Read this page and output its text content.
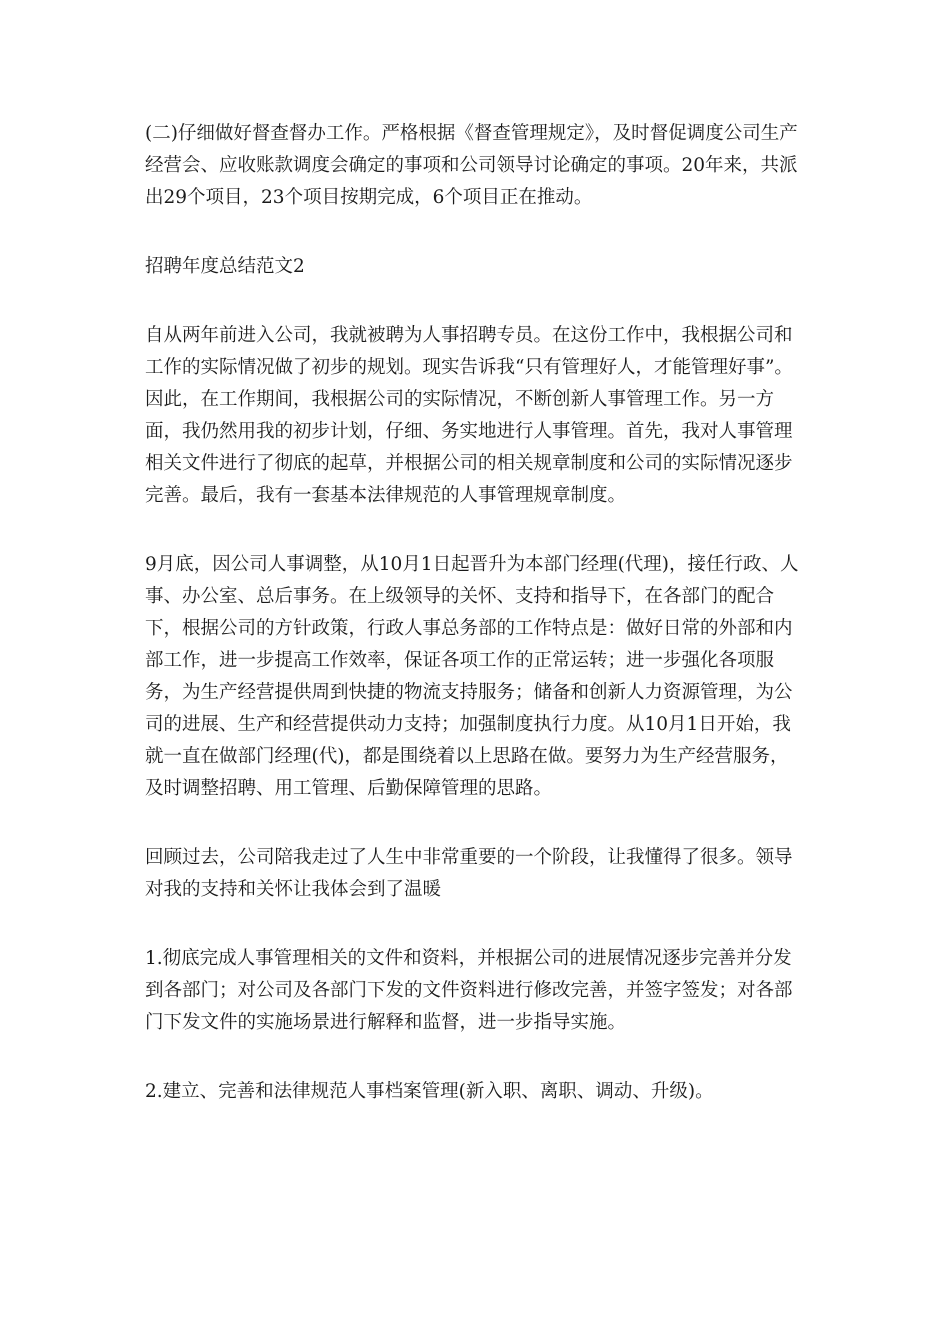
(二)仔细做好督查督办工作。严格根据《督查管理规定》，及时督促调度公司生产经营会、应收账款调度会确定的事项和公司领导讨论确定的事项。20年来，共派出29个项目，23个项目按期完成，6个项目正在推动。

招聘年度总结范文2

自从两年前进入公司，我就被聘为人事招聘专员。在这份工作中，我根据公司和工作的实际情况做了初步的规划。现实告诉我“只有管理好人，才能管理好事”。因此，在工作期间，我根据公司的实际情况，不断创新人事管理工作。另一方面，我仍然用我的初步计划，仔细、务实地进行人事管理。首先，我对人事管理相关文件进行了彻底的起草，并根据公司的相关规章制度和公司的实际情况逐步完善。最后，我有一套基本法律规范的人事管理规章制度。

9月底，因公司人事调整，从10月1日起晋升为本部门经理(代理)，接任行政、人事、办公室、总后事务。在上级领导的关怀、支持和指导下，在各部门的配合下，根据公司的方针政策，行政人事总务部的工作特点是：做好日常的外部和内部工作，进一步提高工作效率，保证各项工作的正常运转；进一步强化各项服务，为生产经营提供周到快捷的物流支持服务；储备和创新人力资源管理，为公司的进展、生产和经营提供动力支持；加强制度执行力度。从10月1日开始，我就一直在做部门经理(代)，都是围绕着以上思路在做。要努力为生产经营服务，及时调整招聘、用工管理、后勤保障管理的思路。

回顾过去，公司陪我走过了人生中非常重要的一个阶段，让我懂得了很多。领导对我的支持和关怀让我体会到了温暖

1.彻底完成人事管理相关的文件和资料，并根据公司的进展情况逐步完善并分发到各部门；对公司及各部门下发的文件资料进行修改完善，并签字签发；对各部门下发文件的实施场景进行解释和监督，进一步指导实施。

2.建立、完善和法律规范人事档案管理(新入职、离职、调动、升级)。
